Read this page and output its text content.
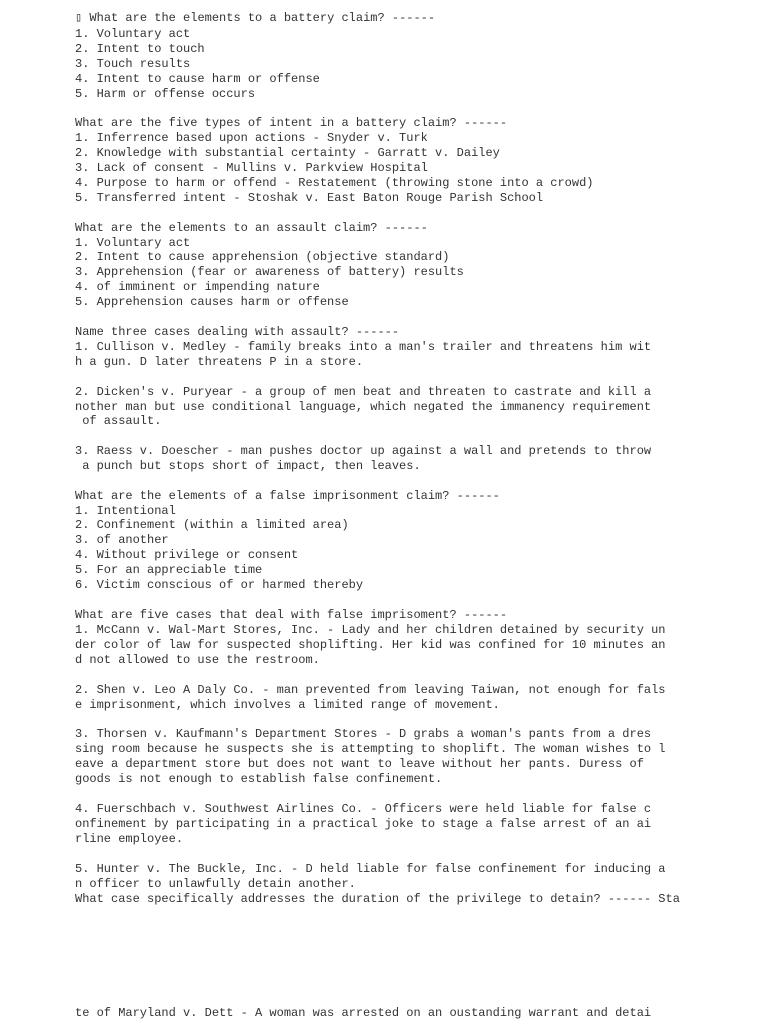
▯ What are the elements to a battery claim? ------
1. Voluntary act
2. Intent to touch
3. Touch results
4. Intent to cause harm or offense
5. Harm or offense occurs
What are the five types of intent in a battery claim? ------
1. Inferrence based upon actions - Snyder v. Turk
2. Knowledge with substantial certainty - Garratt v. Dailey
3. Lack of consent - Mullins v. Parkview Hospital
4. Purpose to harm or offend - Restatement (throwing stone into a crowd)
5. Transferred intent - Stoshak v. East Baton Rouge Parish School
What are the elements to an assault claim? ------
1. Voluntary act
2. Intent to cause apprehension (objective standard)
3. Apprehension (fear or awareness of battery) results
4. of imminent or impending nature
5. Apprehension causes harm or offense
Name three cases dealing with assault? ------
1. Cullison v. Medley - family breaks into a man's trailer and threatens him wit
h a gun. D later threatens P in a store.
2. Dicken's v. Puryear - a group of men beat and threaten to castrate and kill a
nother man but use conditional language, which negated the immanency requirement
of assault.
3. Raess v. Doescher - man pushes doctor up against a wall and pretends to throw
a punch but stops short of impact, then leaves.
What are the elements of a false imprisonment claim? ------
1. Intentional
2. Confinement (within a limited area)
3. of another
4. Without privilege or consent
5. For an appreciable time
6. Victim conscious of or harmed thereby
What are five cases that deal with false imprisoment? ------
1. McCann v. Wal-Mart Stores, Inc. - Lady and her children detained by security un
der color of law for suspected shoplifting. Her kid was confined for 10 minutes an
d not allowed to use the restroom.
2. Shen v. Leo A Daly Co. - man prevented from leaving Taiwan, not enough for fals
e imprisonment, which involves a limited range of movement.
3. Thorsen v. Kaufmann's Department Stores - D grabs a woman's pants from a dres
sing room because he suspects she is attempting to shoplift. The woman wishes to l
eave a department store but does not want to leave without her pants. Duress of
goods is not enough to establish false confinement.
4. Fuerschbach v. Southwest Airlines Co. - Officers were held liable for false c
onfinement by participating in a practical joke to stage a false arrest of an ai
rline employee.
5. Hunter v. The Buckle, Inc. - D held liable for false confinement for inducing a
n officer to unlawfully detain another.
What case specifically addresses the duration of the privilege to detain? ------ Sta
te of Maryland v. Dett - A woman was arrested on an oustanding warrant and detai
